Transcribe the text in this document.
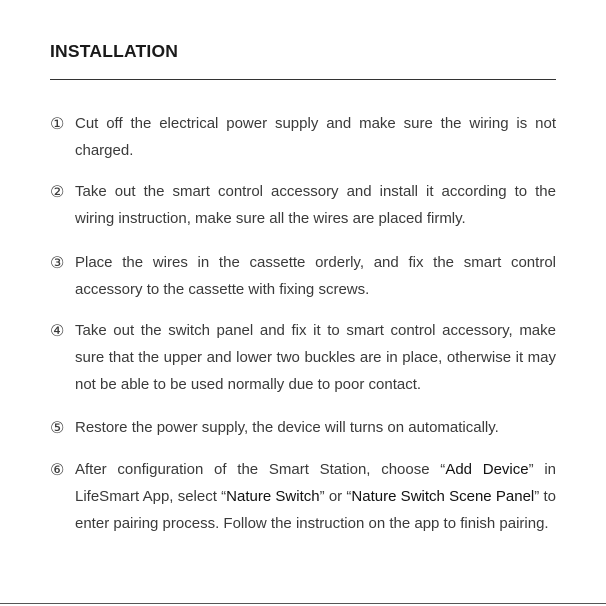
INSTALLATION
① Cut off the electrical power supply and make sure the wiring is not charged.
② Take out the smart control accessory and install it according to the wiring instruction, make sure all the wires are placed firmly.
③ Place the wires in the cassette orderly, and fix the smart control accessory to the cassette with fixing screws.
④ Take out the switch panel and fix it to smart control accessory, make sure that the upper and lower two buckles are in place, otherwise it may not be able to be used normally due to poor contact.
⑤ Restore the power supply, the device will turns on automatically.
⑥ After configuration of the Smart Station, choose “Add Device” in LifeSmart App, select “Nature Switch” or “Nature Switch Scene Panel” to enter pairing process. Follow the instruction on the app to finish pairing.
